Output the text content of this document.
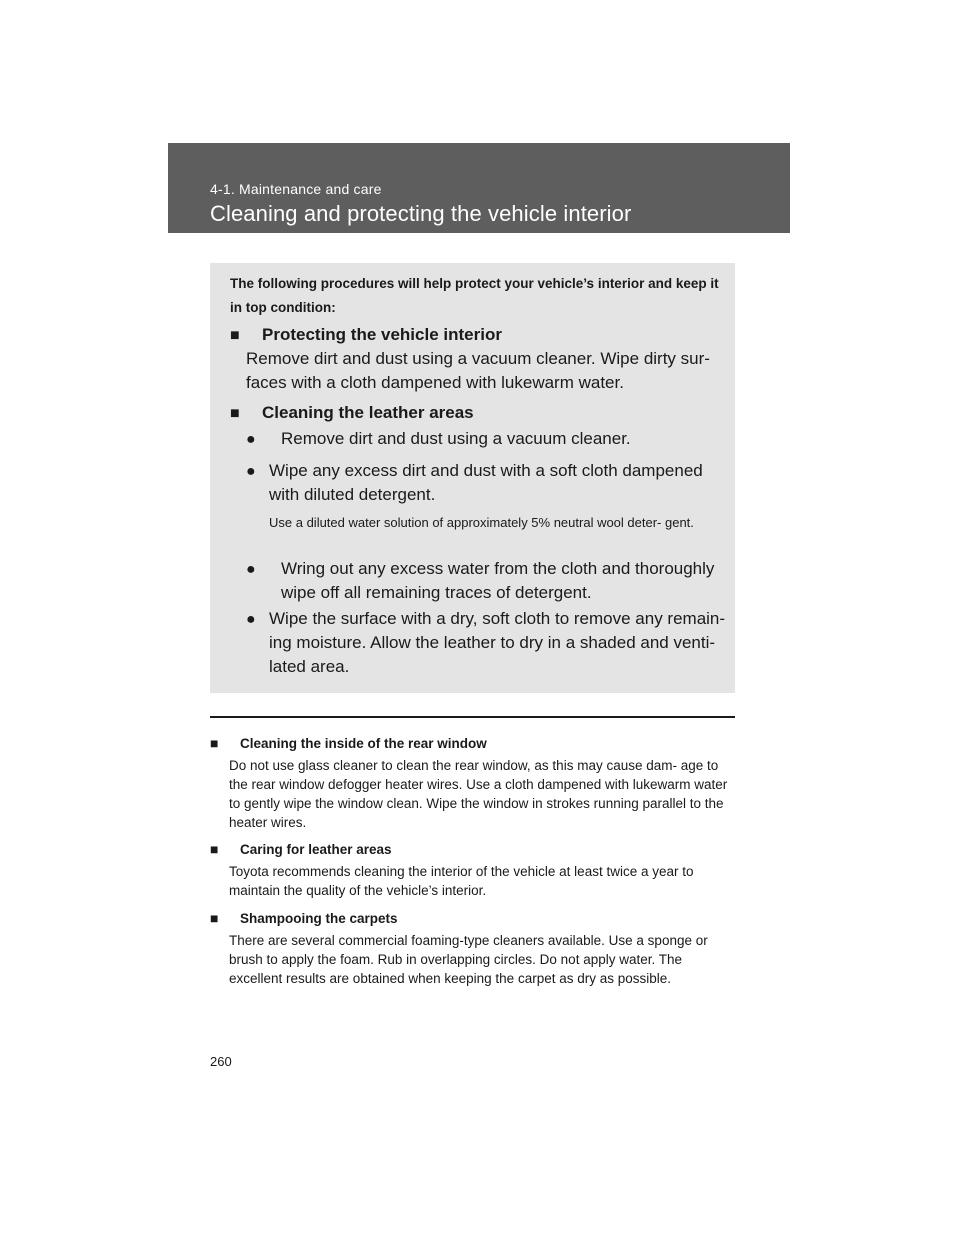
4-1. Maintenance and care
Cleaning and protecting the vehicle interior
The following procedures will help protect your vehicle’s interior and keep it in top condition:
■ Protecting the vehicle interior
Remove dirt and dust using a vacuum cleaner. Wipe dirty sur- faces with a cloth dampened with lukewarm water.
■ Cleaning the leather areas
● Remove dirt and dust using a vacuum cleaner.
● Wipe any excess dirt and dust with a soft cloth dampened with diluted detergent.
Use a diluted water solution of approximately 5% neutral wool deter- gent.
● Wring out any excess water from the cloth and thoroughly wipe off all remaining traces of detergent.
● Wipe the surface with a dry, soft cloth to remove any remain- ing moisture. Allow the leather to dry in a shaded and venti- lated area.
■ Cleaning the inside of the rear window
Do not use glass cleaner to clean the rear window, as this may cause dam- age to the rear window defogger heater wires. Use a cloth dampened with lukewarm water to gently wipe the window clean. Wipe the window in strokes running parallel to the heater wires.
■ Caring for leather areas
Toyota recommends cleaning the interior of the vehicle at least twice a year to maintain the quality of the vehicle’s interior.
■ Shampooing the carpets
There are several commercial foaming-type cleaners available. Use a sponge or brush to apply the foam. Rub in overlapping circles. Do not apply water. The excellent results are obtained when keeping the carpet as dry as possible.
260
